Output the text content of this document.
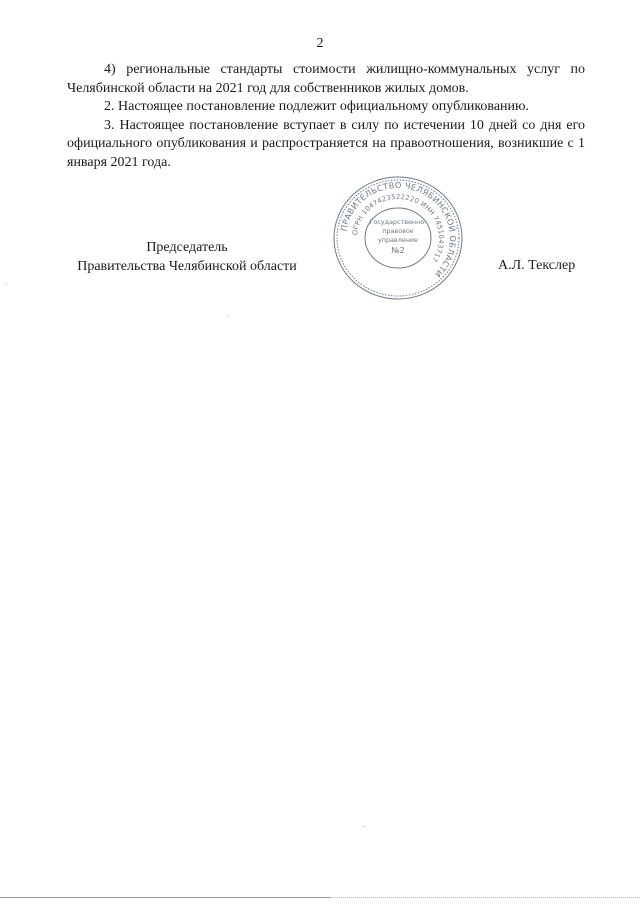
2

4) региональные стандарты стоимости жилищно-коммунальных услуг по Челябинской области на 2021 год для собственников жилых домов.

2. Настоящее постановление подлежит официальному опубликованию.

3. Настоящее постановление вступает в силу по истечении 10 дней со дня его официального опубликования и распространяется на правоотношения, возникшие с 1 января 2021 года.

Председатель
Правительства Челябинской области
ПРАВИТЕЛЬСТВО ЧЕЛЯБИНСКОЙ ОБЛАСТИ
ОГРН 1047423522220 ИНН 7451043717
Государственно-
правовое
управление
№2
А.Л. Текслер
